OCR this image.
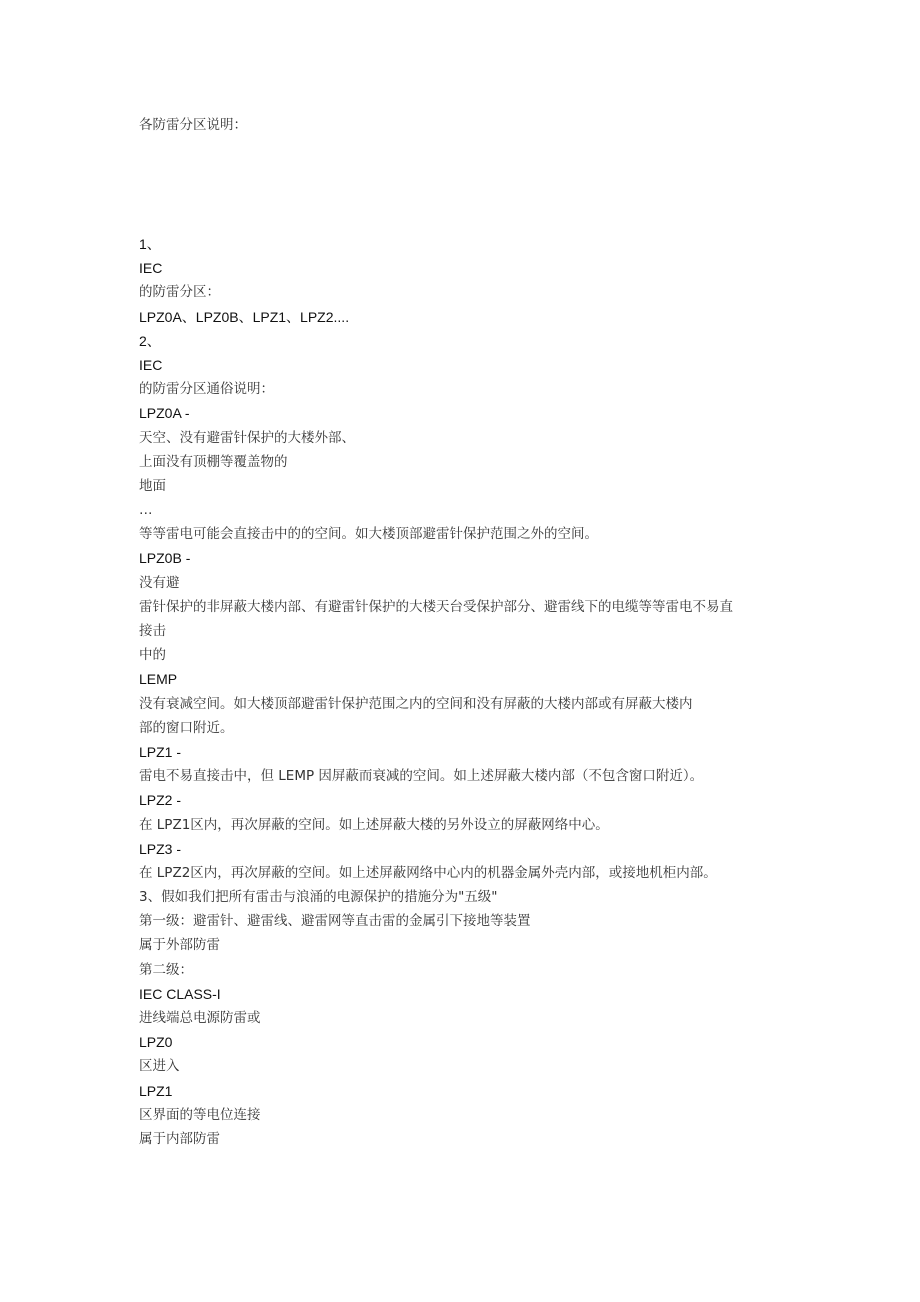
各防雷分区说明：
1、
IEC
的防雷分区：
LPZ0A、LPZ0B、LPZ1、LPZ2....
2、
IEC
的防雷分区通俗说明：
LPZ0A -
天空、没有避雷针保护的大楼外部、
上面没有顶棚等覆盖物的
地面
…
等等雷电可能会直接击中的的空间。如大楼顶部避雷针保护范围之外的空间。
LPZ0B -
没有避
雷针保护的非屏蔽大楼内部、有避雷针保护的大楼天台受保护部分、避雷线下的电缆等等雷电不易直
接击
中的
LEMP
没有衰减空间。如大楼顶部避雷针保护范围之内的空间和没有屏蔽的大楼内部或有屏蔽大楼内
部的窗口附近。
LPZ1 -
雷电不易直接击中，但 LEMP 因屏蔽而衰减的空间。如上述屏蔽大楼内部（不包含窗口附近）。
LPZ2 -
在 LPZ1区内，再次屏蔽的空间。如上述屏蔽大楼的另外设立的屏蔽网络中心。
LPZ3 -
在 LPZ2区内，再次屏蔽的空间。如上述屏蔽网络中心内的机器金属外壳内部，或接地机柜内部。
3、假如我们把所有雷击与浪涌的电源保护的措施分为"五级"
第一级：避雷针、避雷线、避雷网等直击雷的金属引下接地等装置
属于外部防雷
第二级：
IEC CLASS-I
进线端总电源防雷或
LPZ0
区进入
LPZ1
区界面的等电位连接
属于内部防雷
